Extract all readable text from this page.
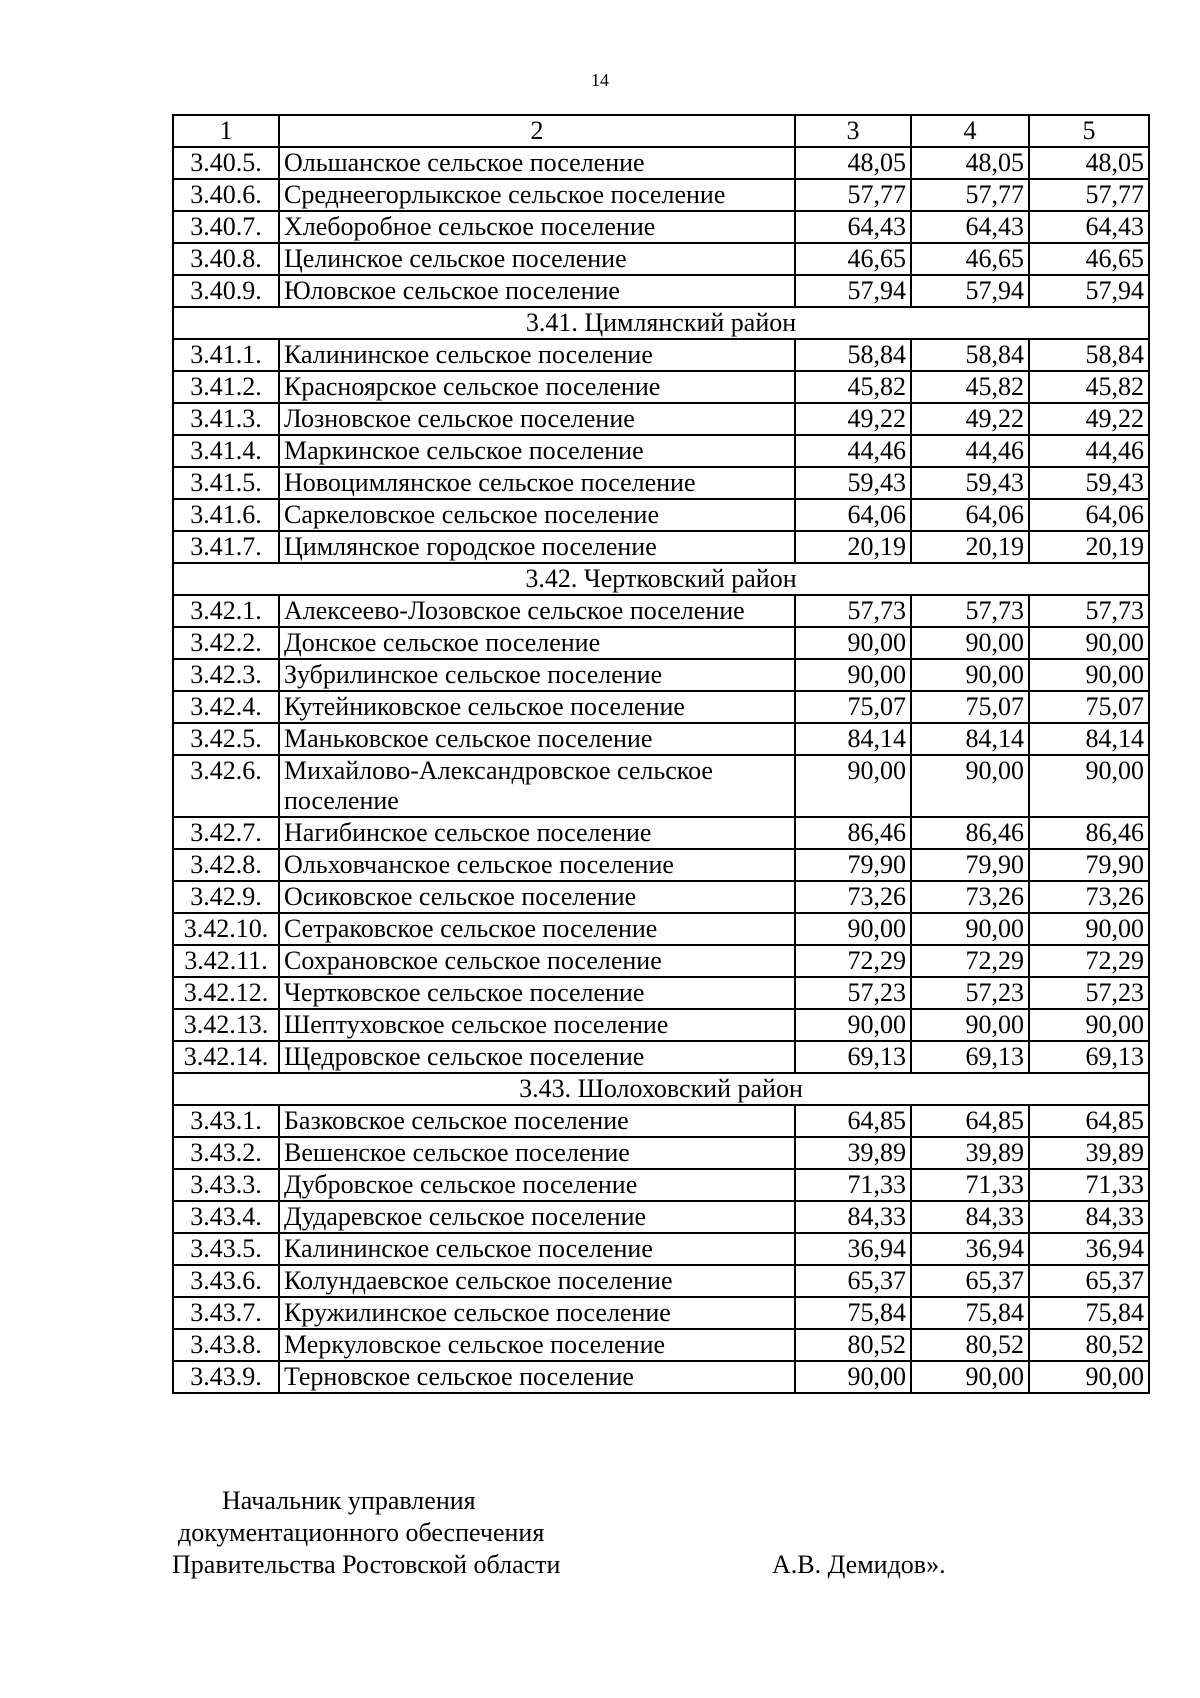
14
1	2	3	4	5
3.40.5.	Ольшанское сельское поселение	48,05	48,05	48,05
3.40.6.	Среднеегорлыкское сельское поселение	57,77	57,77	57,77
3.40.7.	Хлеборобное сельское поселение	64,43	64,43	64,43
3.40.8.	Целинское сельское поселение	46,65	46,65	46,65
3.40.9.	Юловское сельское поселение	57,94	57,94	57,94
3.41. Цимлянский район				
3.41.1.	Калининское сельское поселение	58,84	58,84	58,84
3.41.2.	Красноярское сельское поселение	45,82	45,82	45,82
3.41.3.	Лозновское сельское поселение	49,22	49,22	49,22
3.41.4.	Маркинское сельское поселение	44,46	44,46	44,46
3.41.5.	Новоцимлянское сельское поселение	59,43	59,43	59,43
3.41.6.	Саркеловское сельское поселение	64,06	64,06	64,06
3.41.7.	Цимлянское городское поселение	20,19	20,19	20,19
3.42. Чертковский район				
3.42.1.	Алексеево-Лозовское сельское поселение	57,73	57,73	57,73
3.42.2.	Донское сельское поселение	90,00	90,00	90,00
3.42.3.	Зубрилинское сельское поселение	90,00	90,00	90,00
3.42.4.	Кутейниковское сельское поселение	75,07	75,07	75,07
3.42.5.	Маньковское сельское поселение	84,14	84,14	84,14
3.42.6.	Михайлово-Александровское сельское поселение	90,00	90,00	90,00
3.42.7.	Нагибинское сельское поселение	86,46	86,46	86,46
3.42.8.	Ольховчанское сельское поселение	79,90	79,90	79,90
3.42.9.	Осиковское сельское поселение	73,26	73,26	73,26
3.42.10.	Сетраковское сельское поселение	90,00	90,00	90,00
3.42.11.	Сохрановское сельское поселение	72,29	72,29	72,29
3.42.12.	Чертковское сельское поселение	57,23	57,23	57,23
3.42.13.	Шептуховское сельское поселение	90,00	90,00	90,00
3.42.14.	Щедровское сельское поселение	69,13	69,13	69,13
3.43. Шолоховский район				
3.43.1.	Базковское сельское поселение	64,85	64,85	64,85
3.43.2.	Вешенское сельское поселение	39,89	39,89	39,89
3.43.3.	Дубровское сельское поселение	71,33	71,33	71,33
3.43.4.	Дударевское сельское поселение	84,33	84,33	84,33
3.43.5.	Калининское сельское поселение	36,94	36,94	36,94
3.43.6.	Колундаевское сельское поселение	65,37	65,37	65,37
3.43.7.	Кружилинское сельское поселение	75,84	75,84	75,84
3.43.8.	Меркуловское сельское поселение	80,52	80,52	80,52
3.43.9.	Терновское сельское поселение	90,00	90,00	90,00
Начальник управления
документационного обеспечения
Правительства Ростовской области	А.В. Демидов».
